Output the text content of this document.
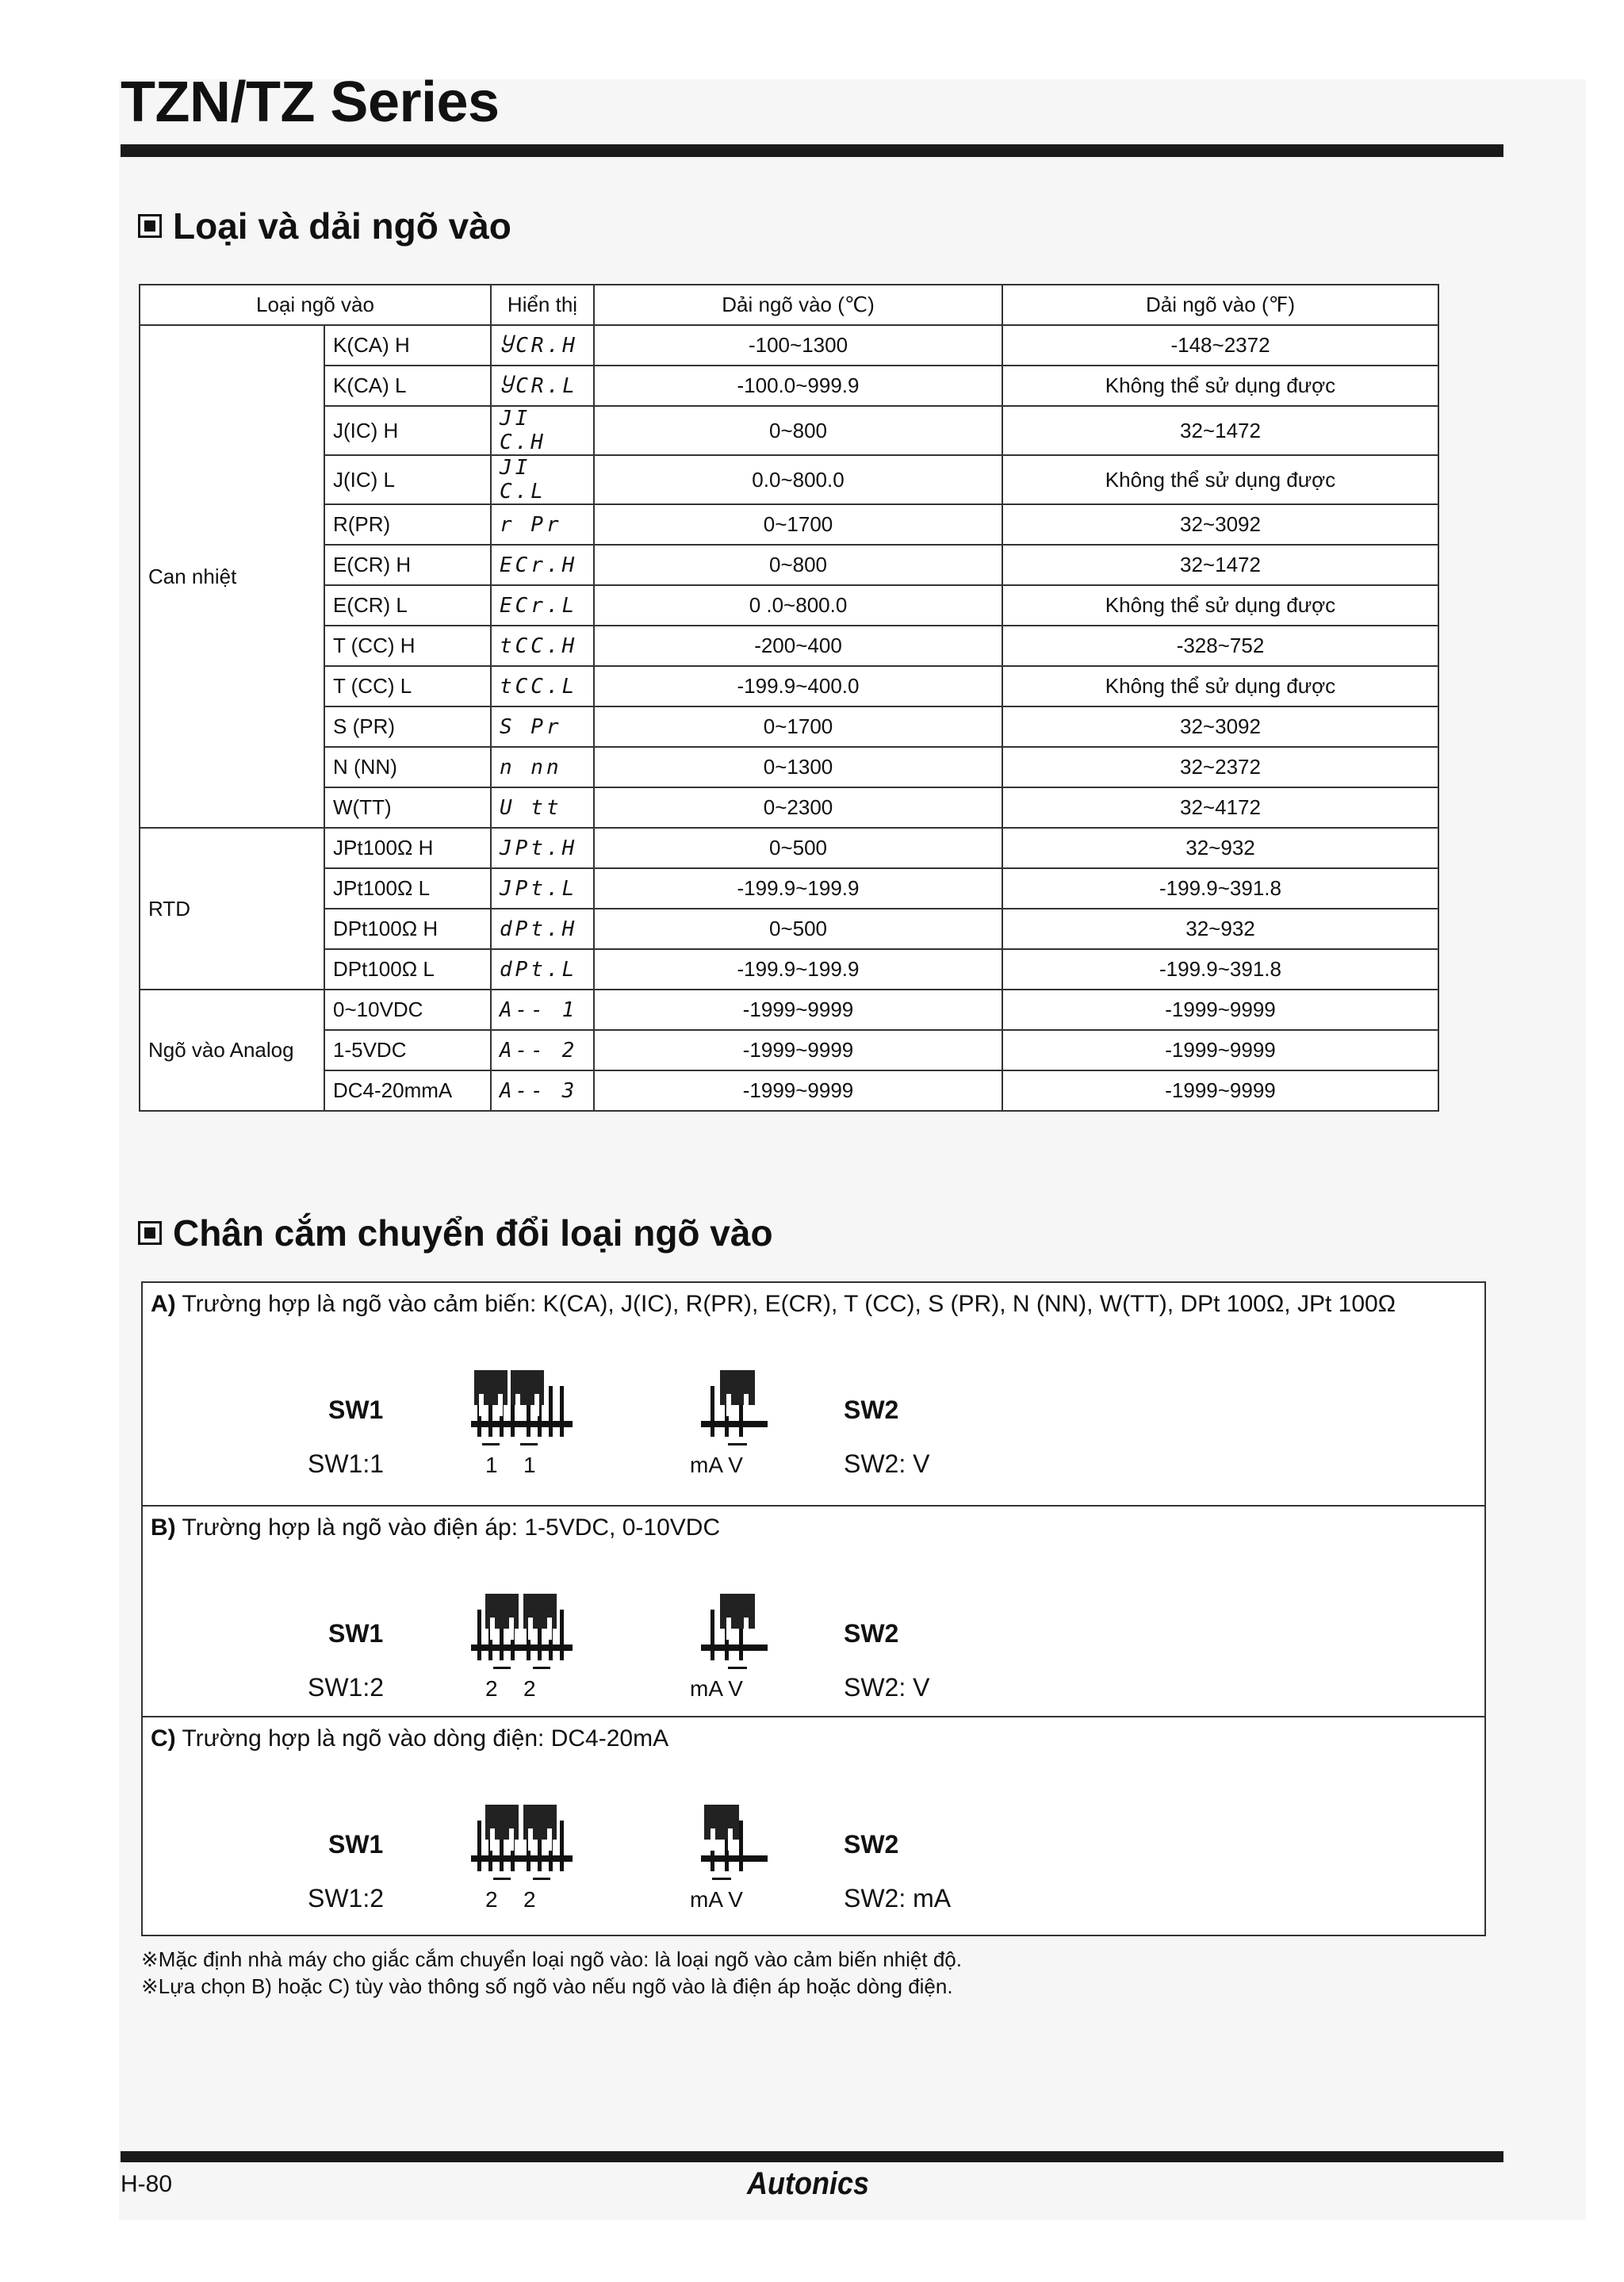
TZN/TZ Series
Loại và dải ngõ vào
Loại ngõ vào		Hiển thị	Dải ngõ vào (℃)	Dải ngõ vào (℉)
Can nhiệt	K(CA) H	ႸCR.H	-100~1300	-148~2372
	K(CA) L	ႸCR.L	-100.0~999.9	Không thể sử dụng được
	J(IC) H	JI C.H	0~800	32~1472
	J(IC) L	JI C.L	0.0~800.0	Không thể sử dụng được
	R(PR)	r Pr	0~1700	32~3092
	E(CR) H	ECr.H	0~800	32~1472
	E(CR) L	ECr.L	0 .0~800.0	Không thể sử dụng được
	T (CC) H	tCC.H	-200~400	-328~752
	T (CC) L	tCC.L	-199.9~400.0	Không thể sử dụng được
	S (PR)	S Pr	0~1700	32~3092
	N (NN)	n nn	0~1300	32~2372
	W(TT)	U tt	0~2300	32~4172
RTD	JPt100Ω H	JPt.H	0~500	32~932
	JPt100Ω L	JPt.L	-199.9~199.9	-199.9~391.8
	DPt100Ω H	dPt.H	0~500	32~932
	DPt100Ω L	dPt.L	-199.9~199.9	-199.9~391.8
Ngõ vào Analog	0~10VDC	A-- 1	-1999~9999	-1999~9999
	1-5VDC	A-- 2	-1999~9999	-1999~9999
	DC4-20mmA	A-- 3	-1999~9999	-1999~9999
Chân cắm chuyển đổi loại ngõ vào
A) Trường hợp là ngõ vào cảm biến: K(CA), J(IC), R(PR), E(CR), T (CC), S (PR), N (NN), W(TT), DPt 100Ω, JPt 100Ω
SW1
SW1:1	1 1	mA V
SW2
SW2: V
B) Trường hợp là ngõ vào điện áp: 1-5VDC, 0-10VDC
SW1
SW1:2	2 2	mA V
SW2
SW2: V
C) Trường hợp là ngõ vào dòng điện: DC4-20mA
SW1
SW1:2	2 2	mA V
SW2
SW2: mA
※Mặc định nhà máy cho giắc cắm chuyển loại ngõ vào: là loại ngõ vào cảm biến nhiệt độ.
※Lựa chọn B) hoặc C) tùy vào thông số ngõ vào nếu ngõ vào là điện áp hoặc dòng điện.
H-80	Autonics
